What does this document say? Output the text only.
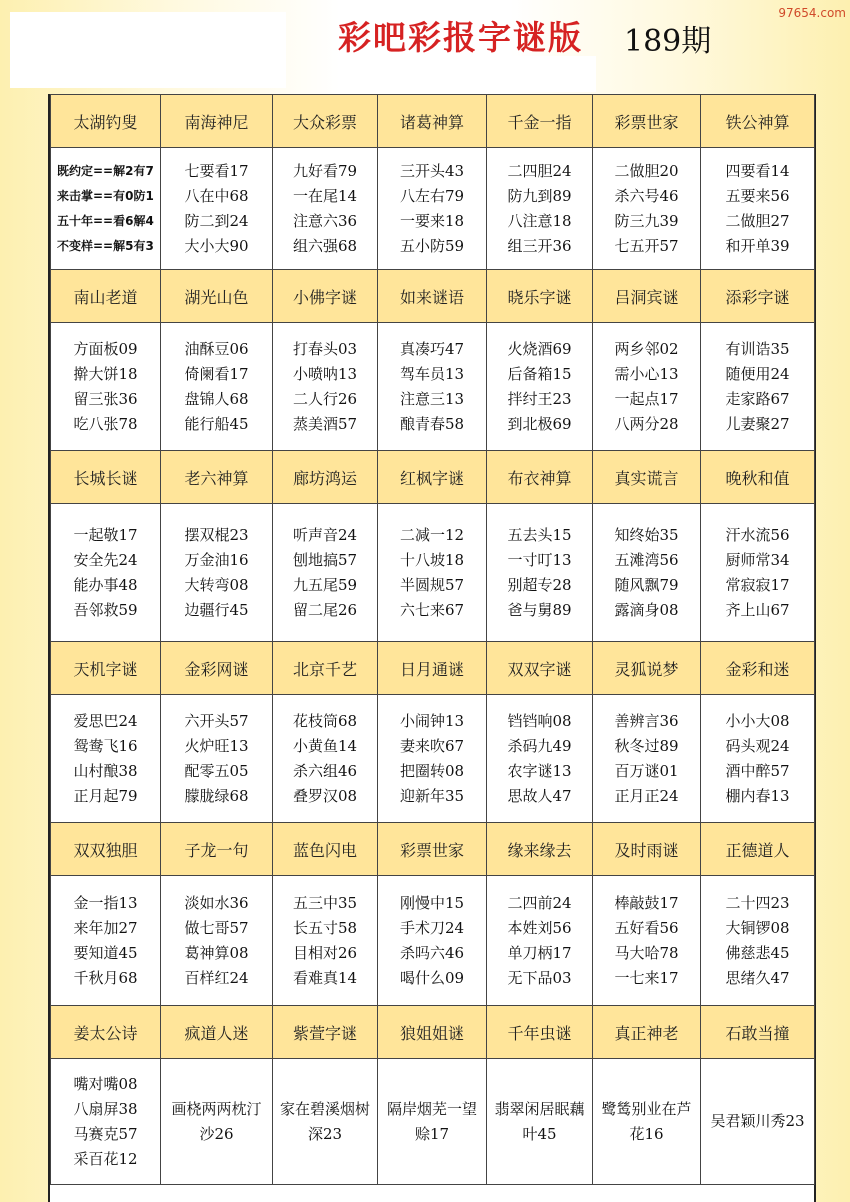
彩吧彩报字谜版 189期
97654.com
太湖钓叟	南海神尼	大众彩票	诸葛神算	千金一指	彩票世家	铁公神算

既约定==解2有7
来击掌==有0防1
五十年==看6解4
不变样==解5有3	七要看17
八在中68
防二到24
大小大90	九好看79
一在尾14
注意六36
组六强68	三开头43
八左右79
一要来18
五小防59	二四胆24
防九到89
八注意18
组三开36	二做胆20
杀六号46
防三九39
七五开57	四要看14
五要来56
二做胆27
和开单39

南山老道	湖光山色	小佛字谜	如来谜语	晓乐字谜	吕洞宾谜	添彩字谜

方面板09
擀大饼18
留三张36
吃八张78	油酥豆06
倚阑看17
盘锦人68
能行船45	打春头03
小喷呐13
二人行26
蒸美酒57	真凑巧47
驾车员13
注意三13
酿青春58	火烧酒69
后备箱15
拌纣王23
到北极69	两乡邻02
需小心13
一起点17
八两分28	有训诰35
随便用24
走家路67
儿妻聚27

长城长谜	老六神算	廊坊鸿运	红枫字谜	布衣神算	真实谎言	晚秋和值

一起敬17
安全先24
能办事48
吾邻救59	摆双棍23
万金油16
大转弯08
边疆行45	听声音24
刨地搞57
九五尾59
留二尾26	二减一12
十八坡18
半圆规57
六七来67	五去头15
一寸叮13
别超专28
爸与舅89	知终始35
五滩湾56
随风飘79
露滴身08	汗水流56
厨师常34
常寂寂17
齐上山67

天机字谜	金彩网谜	北京千艺	日月通谜	双双字谜	灵狐说梦	金彩和迷

爱思巴24
鸳鸯飞16
山村酿38
正月起79	六开头57
火炉旺13
配零五05
朦胧绿68	花枝筒68
小黄鱼14
杀六组46
叠罗汉08	小闹钟13
妻来吹67
把圈转08
迎新年35	铛铛响08
杀码九49
农字谜13
思故人47	善辨言36
秋冬过89
百万谜01
正月正24	小小大08
码头观24
酒中醉57
棚内春13

双双独胆	子龙一句	蓝色闪电	彩票世家	缘来缘去	及时雨谜	正德道人

金一指13
来年加27
要知道45
千秋月68	淡如水36
做七哥57
葛神算08
百样红24	五三中35
长五寸58
目相对26
看难真14	刚慢中15
手术刀24
杀吗六46
喝什么09	二四前24
本姓刘56
单刀柄17
无下品03	棒敲鼓17
五好看56
马大哈78
一七来17	二十四23
大铜锣08
佛慈悲45
思绪久47

姜太公诗	疯道人迷	紫萱字谜	狼姐姐谜	千年虫谜	真正神老	石敢当撞

嘴对嘴08
八扇屏38
马赛克57
采百花12	画桡两两枕汀沙26	家在碧溪烟树深23	隔岸烟芜一望赊17	翡翠闲居眠藕叶45	鹭鸶别业在芦花16	吴君颖川秀23
